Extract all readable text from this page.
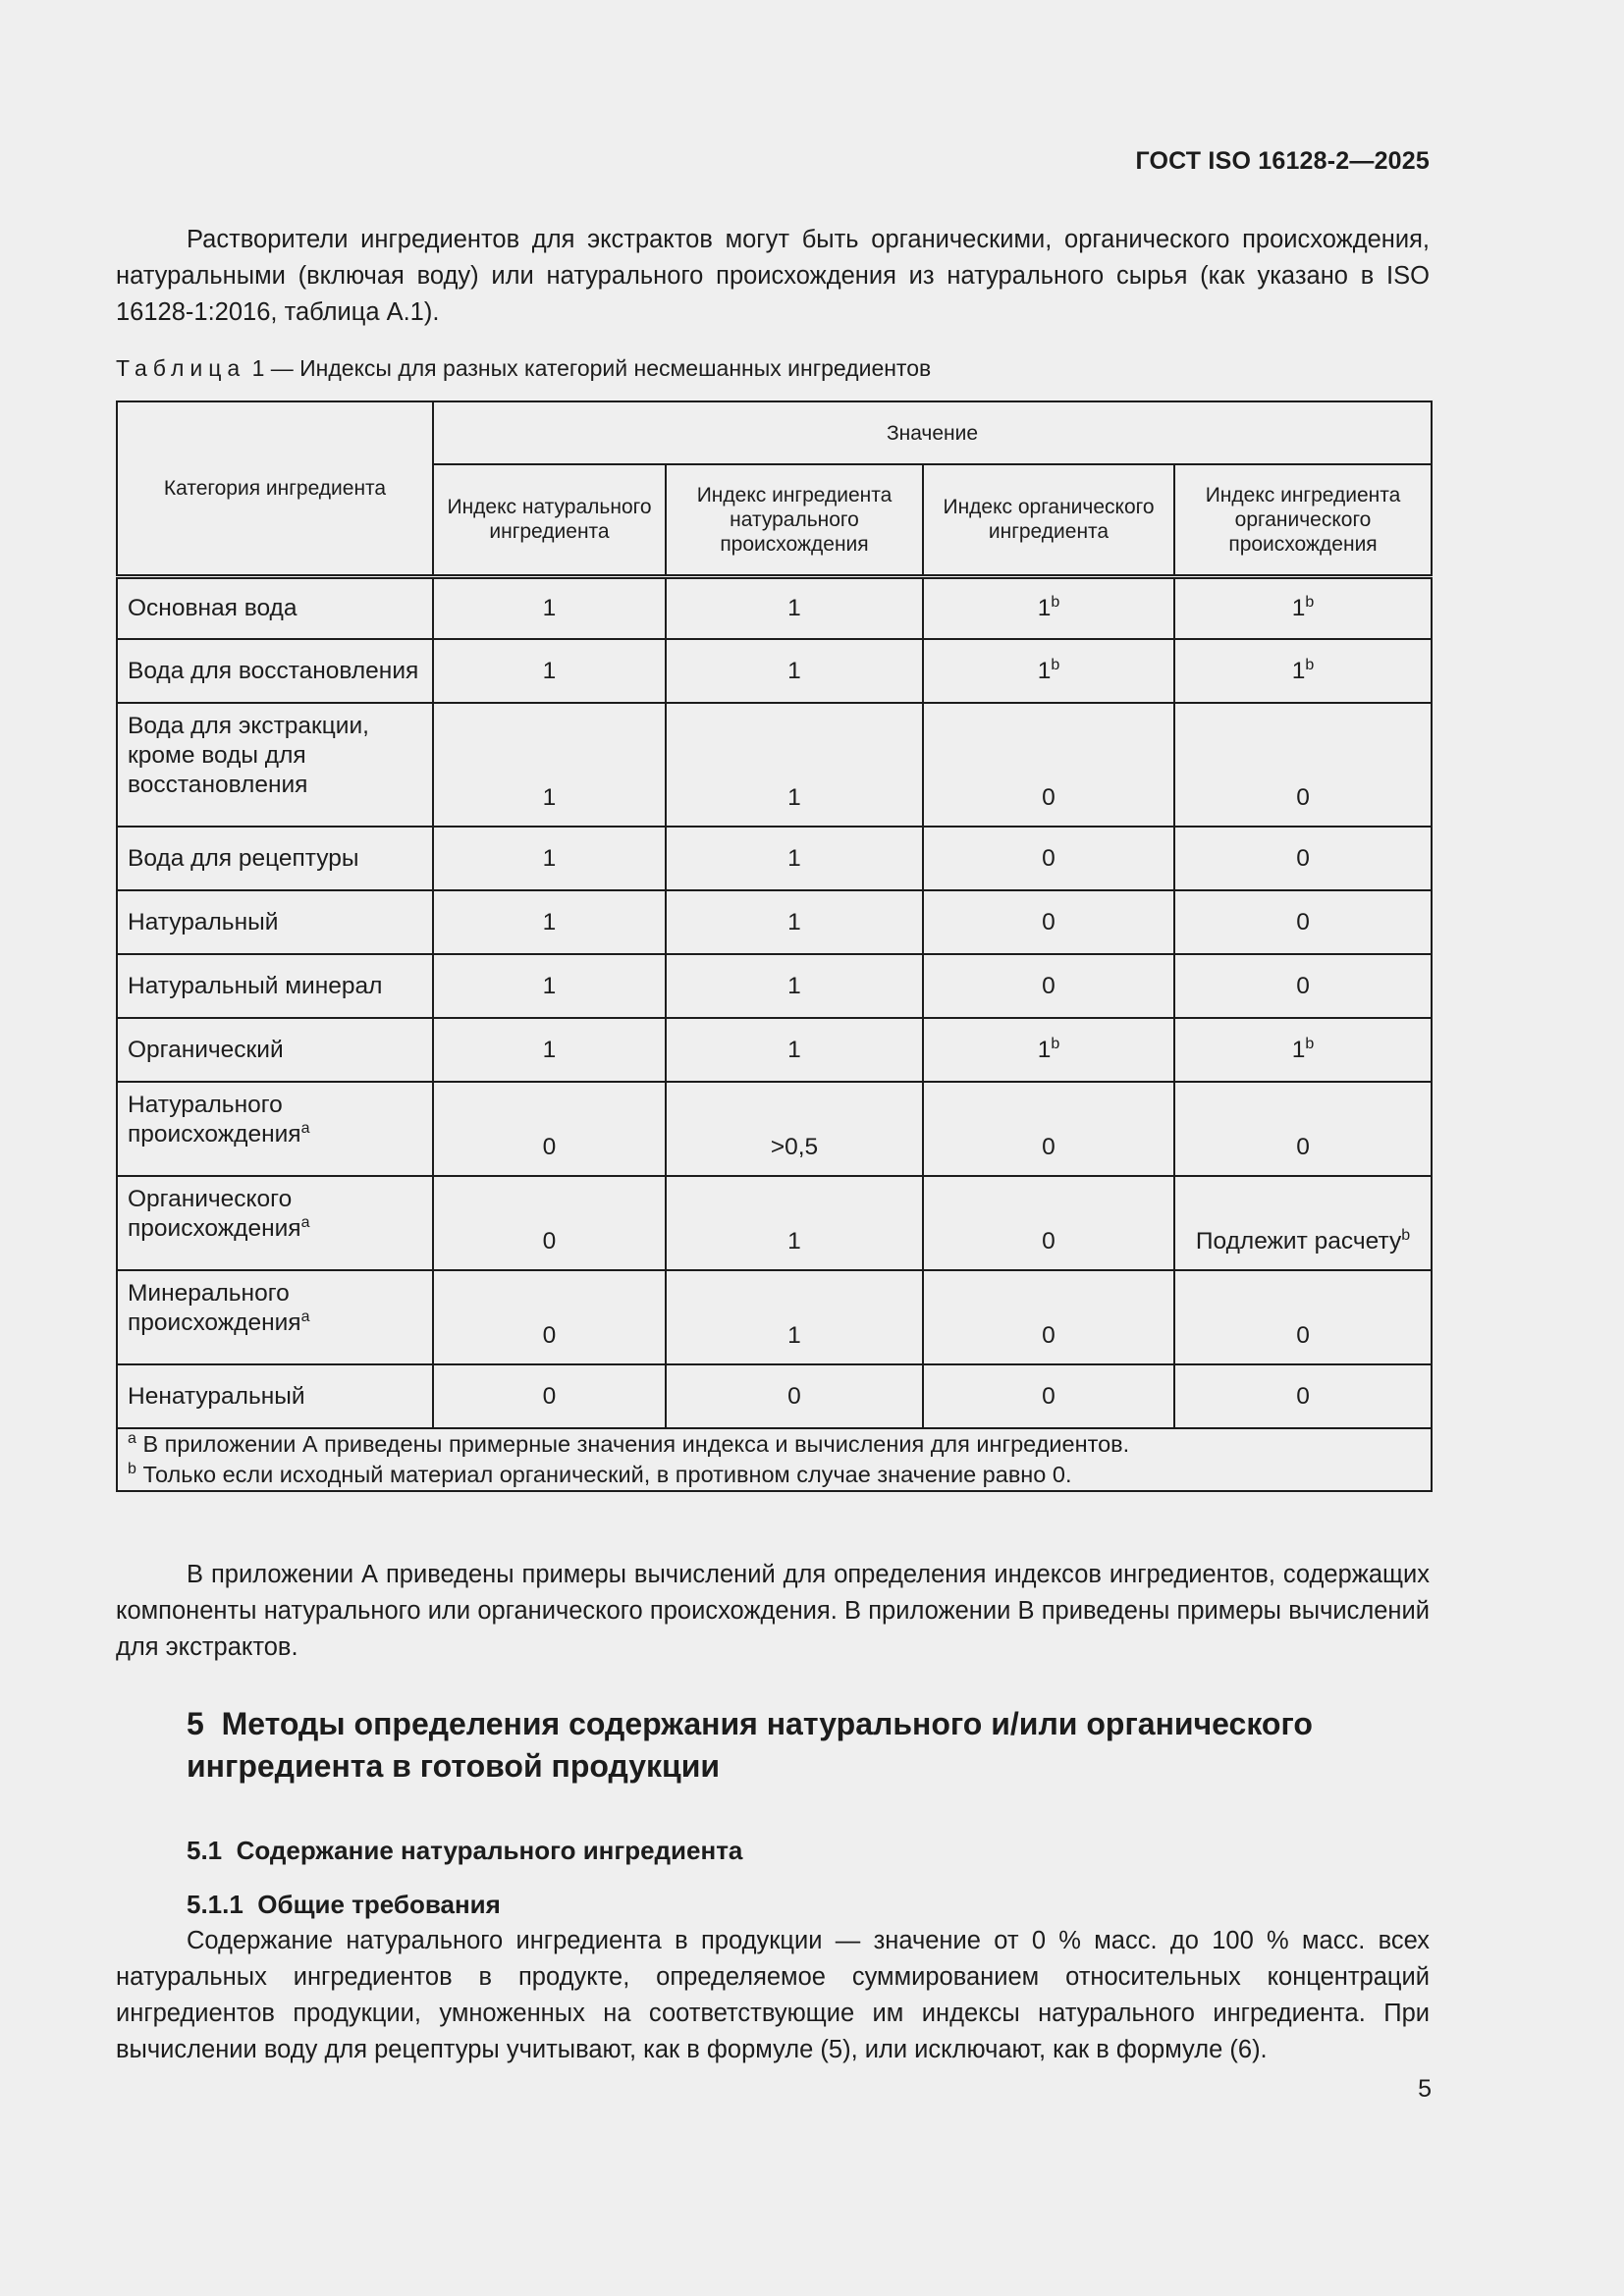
ГОСТ ISO 16128-2—2025

Растворители ингредиентов для экстрактов могут быть органическими, органического происхождения, натуральными (включая воду) или натурального происхождения из натурального сырья (как указано в ISO 16128-1:2016, таблица А.1).

Таблица 1 — Индексы для разных категорий несмешанных ингредиентов
Категория ингредиента	Значение			
	Индекс натурального ингредиента	Индекс ингредиента натурального происхождения	Индекс органического ингредиента	Индекс ингредиента органического происхождения
Основная вода	1	1	1$^b$	1$^b$
Вода для восстановления	1	1	1$^b$	1$^b$
Вода для экстракции, кроме воды для восстановления	1	1	0	0
Вода для рецептуры	1	1	0	0
Натуральный	1	1	0	0
Натуральный минерал	1	1	0	0
Органический	1	1	1$^b$	1$^b$
Натурального происхождения$^a$	0	>0,5	0	0
Органического происхождения$^a$	0	1	0	Подлежит расчету$^b$
Минерального происхождения$^a$	0	1	0	0
Ненатуральный	0	0	0	0

$^a$ В приложении А приведены примерные значения индекса и вычисления для ингредиентов.
$^b$ Только если исходный материал органический, в противном случае значение равно 0.				

В приложении А приведены примеры вычислений для определения индексов ингредиентов, содержащих компоненты натурального или органического происхождения. В приложении В приведены примеры вычислений для экстрактов.

5 Методы определения содержания натурального и/или органического ингредиента в готовой продукции
5.1 Содержание натурального ингредиента
5.1.1 Общие требования

Содержание натурального ингредиента в продукции — значение от 0 % масс. до 100 % масс. всех натуральных ингредиентов в продукте, определяемое суммированием относительных концентраций ингредиентов продукции, умноженных на соответствующие им индексы натурального ингредиента. При вычислении воду для рецептуры учитывают, как в формуле (5), или исключают, как в формуле (6).

5
